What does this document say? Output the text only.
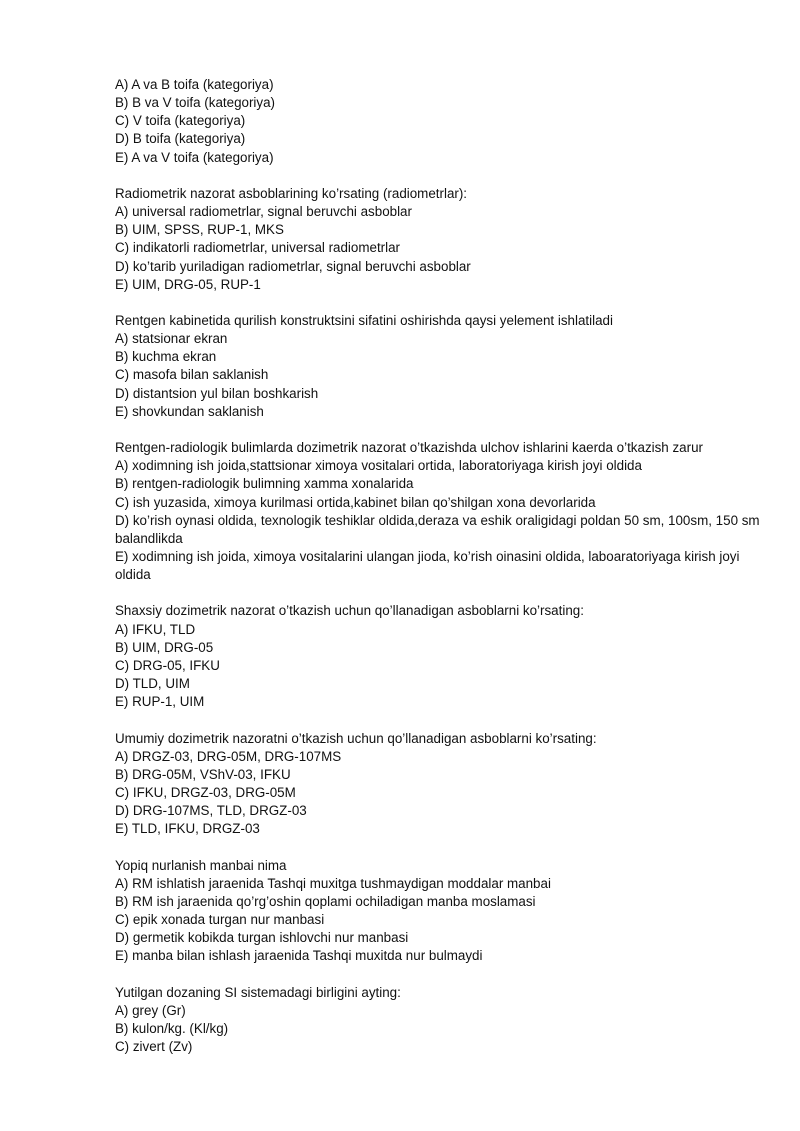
A) A va B toifa (kategoriya)
B) B va V toifa (kategoriya)
C) V toifa (kategoriya)
D) B toifa (kategoriya)
E) A va V toifa (kategoriya)
Radiometrik nazorat asboblarining ko’rsating (radiometrlar):
A) universal radiometrlar, signal beruvchi asboblar
B) UIM, SPSS, RUP-1, MKS
C) indikatorli radiometrlar, universal radiometrlar
D) ko’tarib yuriladigan radiometrlar, signal beruvchi asboblar
E) UIM, DRG-05, RUP-1
Rentgen kabinetida qurilish konstruktsini sifatini oshirishda qaysi yelement ishlatiladi
A) statsionar ekran
B) kuchma ekran
C) masofa bilan saklanish
D) distantsion yul bilan boshkarish
E) shovkundan saklanish
Rentgen-radiologik bulimlarda dozimetrik nazorat o’tkazishda ulchov ishlarini kaerda o’tkazish zarur
A) xodimning ish joida,stattsionar ximoya vositalari ortida, laboratoriyaga kirish joyi oldida
B) rentgen-radiologik bulimning xamma xonalarida
C) ish yuzasida, ximoya kurilmasi ortida,kabinet bilan qo’shilgan xona devorlarida
D) ko’rish oynasi oldida, texnologik teshiklar oldida,deraza va eshik oraligidagi poldan 50 sm, 100sm, 150 sm balandlikda
E) xodimning ish joida, ximoya vositalarini ulangan jioda, ko’rish oinasini oldida, laboaratoriyaga kirish joyi oldida
Shaxsiy dozimetrik nazorat o’tkazish uchun qo’llanadigan asboblarni ko’rsating:
A) IFKU, TLD
B) UIM, DRG-05
C) DRG-05, IFKU
D) TLD, UIM
E) RUP-1, UIM
Umumiy dozimetrik nazoratni o’tkazish uchun qo’llanadigan asboblarni ko’rsating:
A) DRGZ-03, DRG-05M, DRG-107MS
B) DRG-05M, VShV-03, IFKU
C) IFKU, DRGZ-03, DRG-05M
D) DRG-107MS, TLD, DRGZ-03
E) TLD, IFKU, DRGZ-03
Yopiq nurlanish manbai nima
A) RM ishlatish jaraenida Tashqi muxitga tushmaydigan moddalar manbai
B) RM ish jaraenida qo’rg’oshin qoplami ochiladigan manba moslamasi
C) epik xonada turgan nur manbasi
D) germetik kobikda turgan ishlovchi nur manbasi
E) manba bilan ishlash jaraenida Tashqi muxitda nur bulmaydi
Yutilgan dozaning SI sistemadagi birligini ayting:
A) grey (Gr)
B) kulon/kg. (Kl/kg)
C) zivert (Zv)
